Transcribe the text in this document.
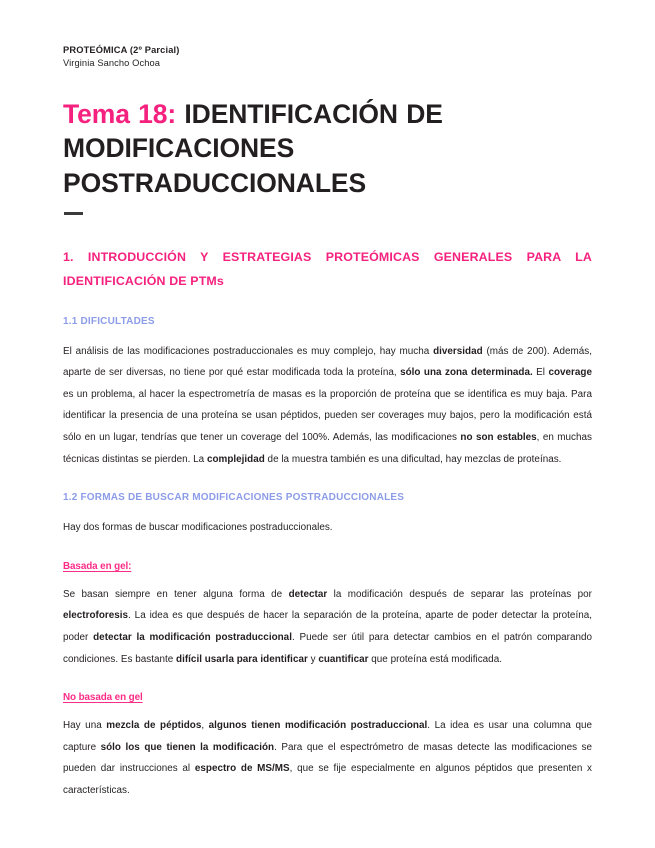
PROTEÓMICA (2º Parcial)
Virginia Sancho Ochoa
Tema 18: IDENTIFICACIÓN DE MODIFICACIONES POSTRADUCCIONALES
1. INTRODUCCIÓN Y ESTRATEGIAS PROTEÓMICAS GENERALES PARA LA IDENTIFICACIÓN DE PTMs
1.1 DIFICULTADES

El análisis de las modificaciones postraduccionales es muy complejo, hay mucha diversidad (más de 200). Además, aparte de ser diversas, no tiene por qué estar modificada toda la proteína, sólo una zona determinada. El coverage es un problema, al hacer la espectrometría de masas es la proporción de proteína que se identifica es muy baja. Para identificar la presencia de una proteína se usan péptidos, pueden ser coverages muy bajos, pero la modificación está sólo en un lugar, tendrías que tener un coverage del 100%. Además, las modificaciones no son estables, en muchas técnicas distintas se pierden. La complejidad de la muestra también es una dificultad, hay mezclas de proteínas.

1.2 FORMAS DE BUSCAR MODIFICACIONES POSTRADUCCIONALES

Hay dos formas de buscar modificaciones postraduccionales.

Basada en gel:

Se basan siempre en tener alguna forma de detectar la modificación después de separar las proteínas por electroforesis. La idea es que después de hacer la separación de la proteína, aparte de poder detectar la proteína, poder detectar la modificación postraduccional. Puede ser útil para detectar cambios en el patrón comparando condiciones. Es bastante difícil usarla para identificar y cuantificar que proteína está modificada.

No basada en gel

Hay una mezcla de péptidos, algunos tienen modificación postraduccional. La idea es usar una columna que capture sólo los que tienen la modificación. Para que el espectrómetro de masas detecte las modificaciones se pueden dar instrucciones al espectro de MS/MS, que se fije especialmente en algunos péptidos que presenten x características.
